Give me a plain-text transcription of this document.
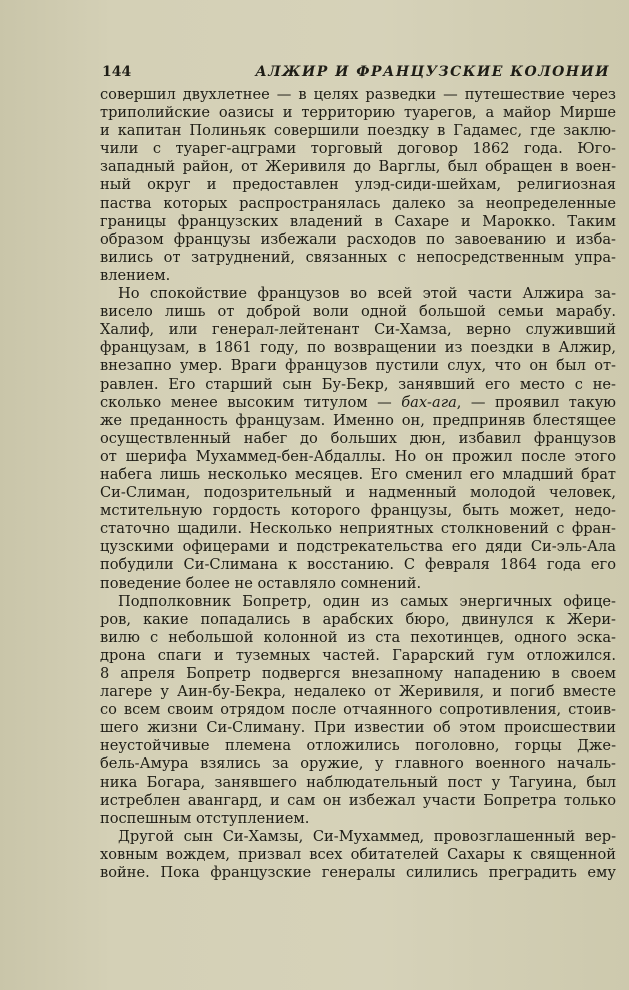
144	АЛЖИР И ФРАНЦУЗСКИЕ КОЛОНИИ
совершил двухлетнее — в целях разведки — путешествие через
триполийские оазисы и территорию туарегов, а майор Мирше
и капитан Полиньяк совершили поездку в Гадамес, где заклю-
чили с туарег-ацграми торговый договор 1862 года. Юго-
западный район, от Жеривиля до Варглы, был обращен в воен-
ный округ и предоставлен улэд-сиди-шейхам, религиозная
паства которых распространялась далеко за неопределенные
границы французских владений в Сахаре и Марокко. Таким
образом французы избежали расходов по завоеванию и избa-
вились от затруднений, связанных с непосредственным упра-
влением.
Но спокойствие французов во всей этой части Алжира за-
висело лишь от доброй воли одной большой семьи марабу.
Халиф, или генерал-лейтенант Си-Хамза, верно служивший
французам, в 1861 году, по возвращении из поездки в Алжир,
внезапно умер. Враги французов пустили слух, что он был от-
равлен. Его старший сын Бу-Бекр, занявший его место с не-
сколько менее высоким титулом — бах-ага, — проявил такую
же преданность французам. Именно он, предприняв блестящее
осуществленный набег до больших дюн, избавил французов
от шерифа Мухаммед-бен-Абдаллы. Но он прожил после этого
набега лишь несколько месяцев. Его сменил его младший брат
Си-Слиман, подозрительный и надменный молодой человек,
мстительную гордость которого французы, быть может, недо-
статочно щадили. Несколько неприятных столкновений с фран-
цузскими офицерами и подстрекательства его дяди Си-эль-Ала
побудили Си-Слимана к восстанию. С февраля 1864 года его
поведение более не оставляло сомнений.
Подполковник Бопретр, один из самых энергичных офице-
ров, какие попадались в арабских бюро, двинулся к Жери-
вилю с небольшой колонной из ста пехотинцев, одного эска-
дрона спаги и туземных частей. Гарарский гум отложился.
8 апреля Бопретр подвергся внезапному нападению в своем
лагере у Аин-бу-Бекра, недалеко от Жеривиля, и погиб вместе
со всем своим отрядом после отчаянного сопротивления, стоив-
шего жизни Си-Слиману. При известии об этом происшествии
неустойчивые племена отложились поголовно, горцы Дже-
бель-Амура взялись за оружие, у главного военного началь-
ника Богара, занявшего наблюдательный пост у Тагуина, был
истреблен авангард, и сам он избежал участи Бопретра только
поспешным отступлением.
Другой сын Си-Хамзы, Си-Мухаммед, провозглашенный вер-
ховным вождем, призвал всех обитателей Сахары к священной
войне. Пока французские генералы силились преградить ему
